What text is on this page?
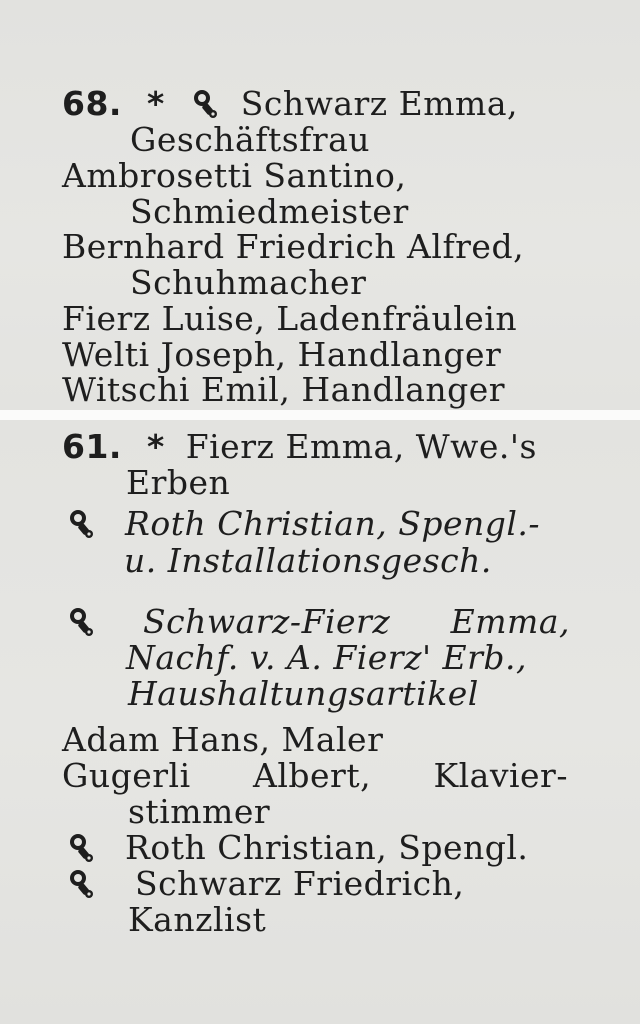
68. * Schwarz Emma,
Geschäftsfrau
Ambrosetti Santino,
Schmiedmeister
Bernhard Friedrich Alfred,
Schuhmacher
Fierz Luise, Ladenfräulein
Welti Joseph, Handlanger
Witschi Emil, Handlanger
61. * Fierz Emma, Wwe.'s
Erben
Roth Christian, Spengl.-
u. Installationsgesch.
Schwarz-Fierz Emma,
Nachf. v. A. Fierz' Erb.,
Haushaltungsartikel
Adam Hans, Maler
Gugerli Albert, Klavier-
stimmer
Roth Christian, Spengl.
Schwarz Friedrich,
Kanzlist
